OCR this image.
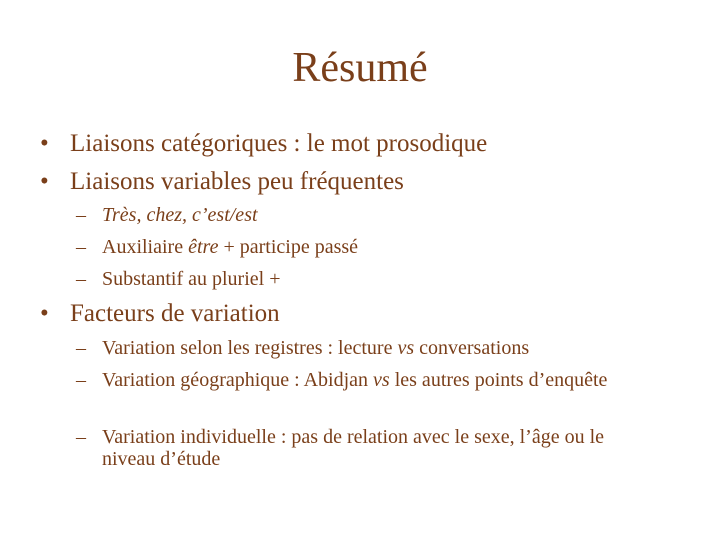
Résumé
• Liaisons catégoriques : le mot prosodique
• Liaisons variables peu fréquentes
– Très, chez, c’est/est
– Auxiliaire être + participe passé
– Substantif au pluriel +
• Facteurs de variation
– Variation selon les registres : lecture vs conversations
– Variation géographique : Abidjan vs les autres points d’enquête
– Variation individuelle : pas de relation avec le sexe, l’âge ou le niveau d’étude
